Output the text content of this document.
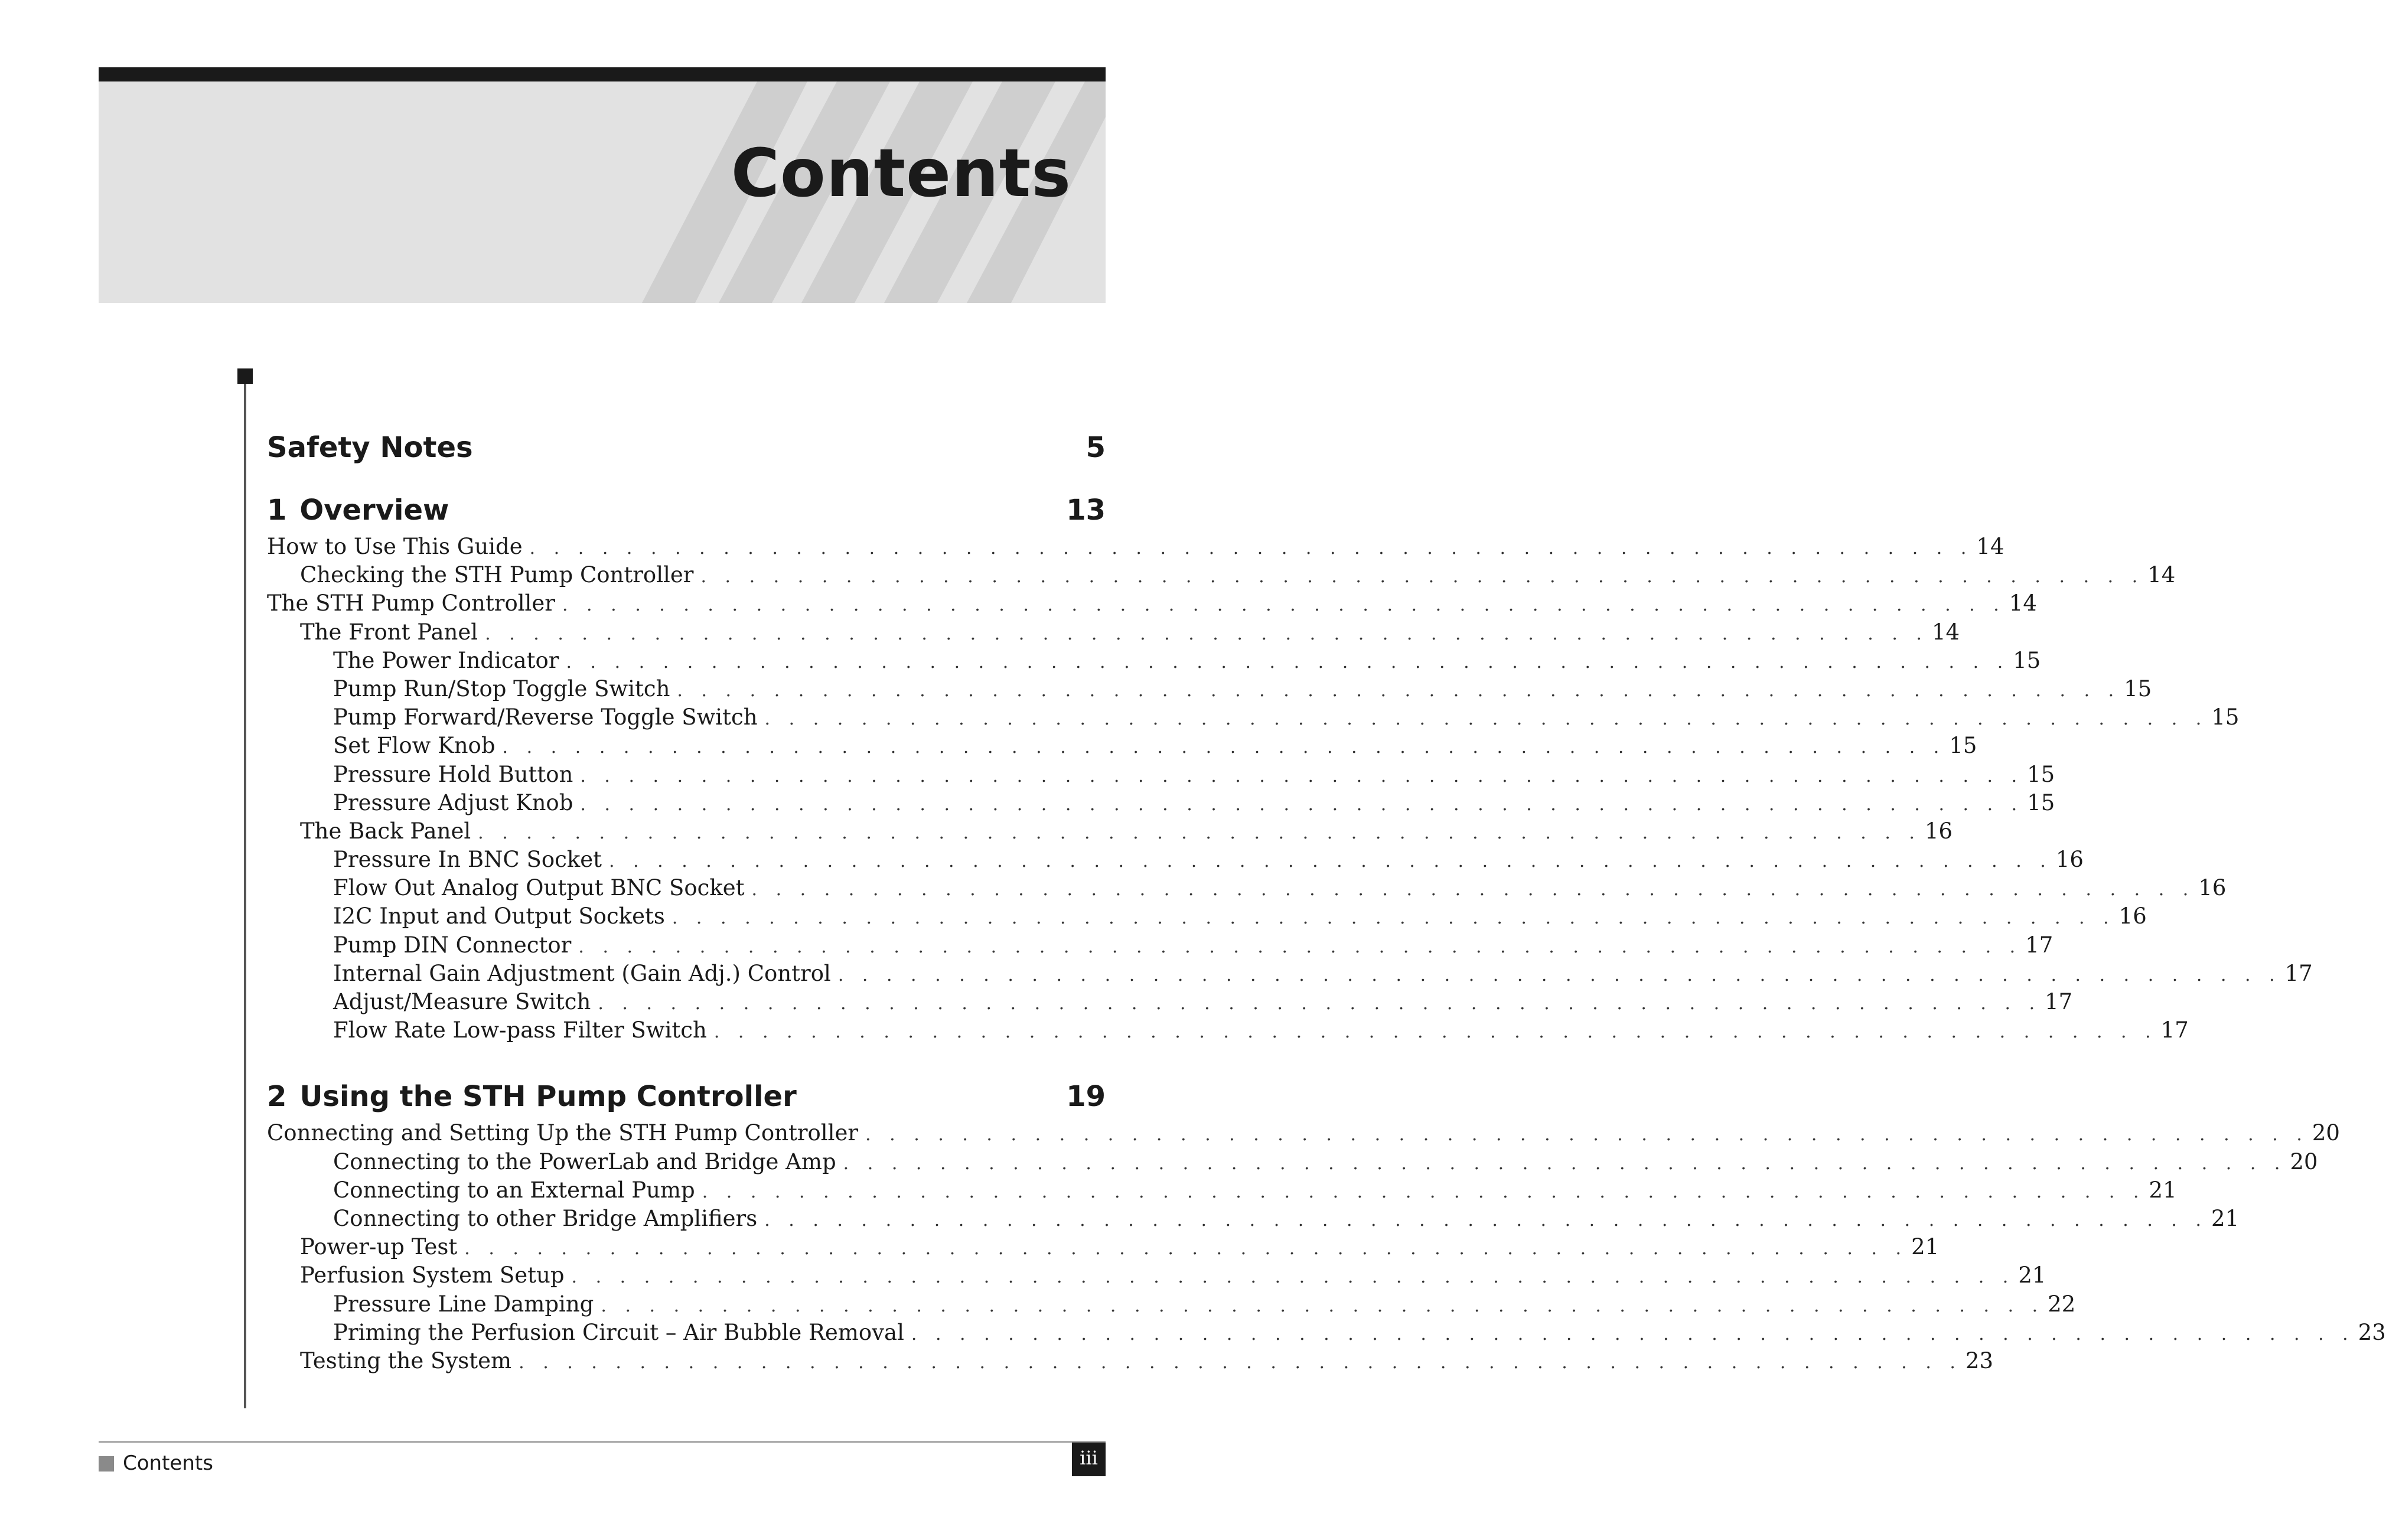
Contents
Safety Notes	5
1 Overview	13
How to Use This Guide . . . . . . . . . . . . . . . . . . . . . . . . . . . . . . . . . . . . . . . . . . . . . . . . . . . . . . . . . . . . 14
Checking the STH Pump Controller . . . . . . . . . . . . . . . . . . . . . . . . . . . . . . . . . . . . . . . . . . . . . . . . . . . . . . . . . . . . 14
The STH Pump Controller . . . . . . . . . . . . . . . . . . . . . . . . . . . . . . . . . . . . . . . . . . . . . . . . . . . . . . . . . . . . 14
The Front Panel . . . . . . . . . . . . . . . . . . . . . . . . . . . . . . . . . . . . . . . . . . . . . . . . . . . . . . . . . . . . 14
The Power Indicator . . . . . . . . . . . . . . . . . . . . . . . . . . . . . . . . . . . . . . . . . . . . . . . . . . . . . . . . . . . . 15
Pump Run/Stop Toggle Switch . . . . . . . . . . . . . . . . . . . . . . . . . . . . . . . . . . . . . . . . . . . . . . . . . . . . . . . . . . . . 15
Pump Forward/Reverse Toggle Switch . . . . . . . . . . . . . . . . . . . . . . . . . . . . . . . . . . . . . . . . . . . . . . . . . . . . . . . . . . . . 15
Set Flow Knob . . . . . . . . . . . . . . . . . . . . . . . . . . . . . . . . . . . . . . . . . . . . . . . . . . . . . . . . . . . . 15
Pressure Hold Button . . . . . . . . . . . . . . . . . . . . . . . . . . . . . . . . . . . . . . . . . . . . . . . . . . . . . . . . . . . . 15
Pressure Adjust Knob . . . . . . . . . . . . . . . . . . . . . . . . . . . . . . . . . . . . . . . . . . . . . . . . . . . . . . . . . . . . 15
The Back Panel . . . . . . . . . . . . . . . . . . . . . . . . . . . . . . . . . . . . . . . . . . . . . . . . . . . . . . . . . . . . 16
Pressure In BNC Socket . . . . . . . . . . . . . . . . . . . . . . . . . . . . . . . . . . . . . . . . . . . . . . . . . . . . . . . . . . . . 16
Flow Out Analog Output BNC Socket . . . . . . . . . . . . . . . . . . . . . . . . . . . . . . . . . . . . . . . . . . . . . . . . . . . . . . . . . . . . 16
I2C Input and Output Sockets . . . . . . . . . . . . . . . . . . . . . . . . . . . . . . . . . . . . . . . . . . . . . . . . . . . . . . . . . . . . 16
Pump DIN Connector . . . . . . . . . . . . . . . . . . . . . . . . . . . . . . . . . . . . . . . . . . . . . . . . . . . . . . . . . . . . 17
Internal Gain Adjustment (Gain Adj.) Control . . . . . . . . . . . . . . . . . . . . . . . . . . . . . . . . . . . . . . . . . . . . . . . . . . . . . . . . . . . . 17
Adjust/Measure Switch . . . . . . . . . . . . . . . . . . . . . . . . . . . . . . . . . . . . . . . . . . . . . . . . . . . . . . . . . . . . 17
Flow Rate Low-pass Filter Switch . . . . . . . . . . . . . . . . . . . . . . . . . . . . . . . . . . . . . . . . . . . . . . . . . . . . . . . . . . . . 17
2 Using the STH Pump Controller	19
Connecting and Setting Up the STH Pump Controller . . . . . . . . . . . . . . . . . . . . . . . . . . . . . . . . . . . . . . . . . . . . . . . . . . . . . . . . . . . . 20
Connecting to the PowerLab and Bridge Amp . . . . . . . . . . . . . . . . . . . . . . . . . . . . . . . . . . . . . . . . . . . . . . . . . . . . . . . . . . . . 20
Connecting to an External Pump . . . . . . . . . . . . . . . . . . . . . . . . . . . . . . . . . . . . . . . . . . . . . . . . . . . . . . . . . . . . 21
Connecting to other Bridge Amplifiers . . . . . . . . . . . . . . . . . . . . . . . . . . . . . . . . . . . . . . . . . . . . . . . . . . . . . . . . . . . . 21
Power-up Test . . . . . . . . . . . . . . . . . . . . . . . . . . . . . . . . . . . . . . . . . . . . . . . . . . . . . . . . . . . . 21
Perfusion System Setup . . . . . . . . . . . . . . . . . . . . . . . . . . . . . . . . . . . . . . . . . . . . . . . . . . . . . . . . . . . . 21
Pressure Line Damping . . . . . . . . . . . . . . . . . . . . . . . . . . . . . . . . . . . . . . . . . . . . . . . . . . . . . . . . . . . . 22
Priming the Perfusion Circuit – Air Bubble Removal . . . . . . . . . . . . . . . . . . . . . . . . . . . . . . . . . . . . . . . . . . . . . . . . . . . . . . . . . . . . 23
Testing the System . . . . . . . . . . . . . . . . . . . . . . . . . . . . . . . . . . . . . . . . . . . . . . . . . . . . . . . . . . . . 23
Contents	iii
